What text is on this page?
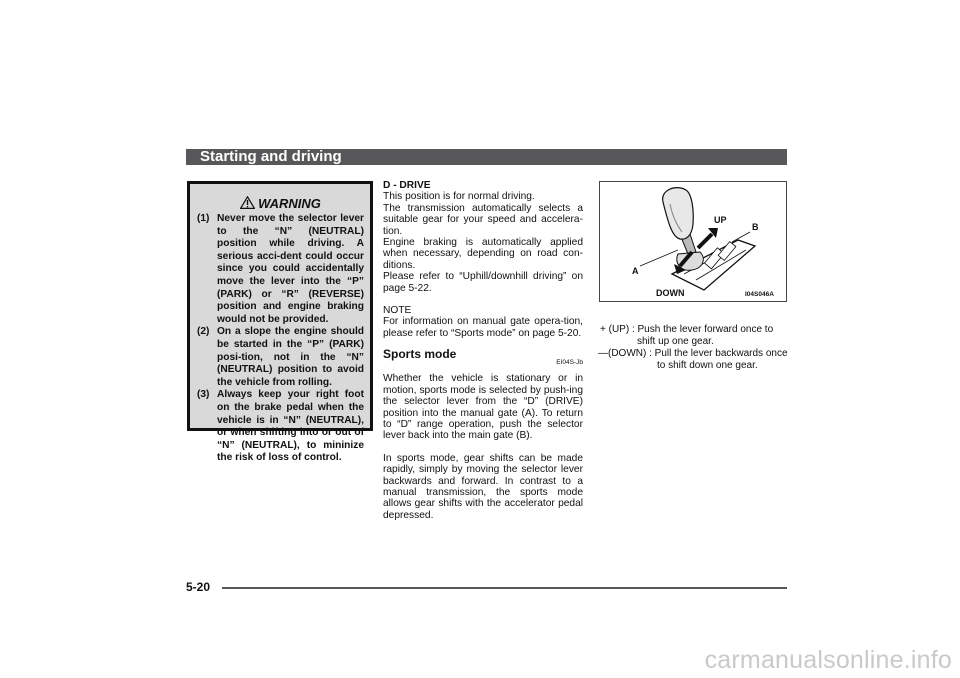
Starting and driving
WARNING
(1) Never move the selector lever to the “N” (NEUTRAL) position while driving. A serious acci-dent could occur since you could accidentally move the lever into the “P” (PARK) or “R” (REVERSE) position and engine braking would not be provided.
(2) On a slope the engine should be started in the “P” (PARK) posi-tion, not in the “N” (NEUTRAL) position to avoid the vehicle from rolling.
(3) Always keep your right foot on the brake pedal when the vehicle is in “N” (NEUTRAL), or when shifting into or out of “N” (NEUTRAL), to mininize the risk of loss of control.

D - DRIVE

This position is for normal driving.

The transmission automatically selects a suitable gear for your speed and accelera-tion.

Engine braking is automatically applied when necessary, depending on road con-ditions.

Please refer to “Uphill/downhill driving” on page 5-22.

NOTE

For information on manual gate opera-tion, please refer to “Sports mode” on page 5-20.

Sports mode
EI04S-Jb

Whether the vehicle is stationary or in motion, sports mode is selected by push-ing the selector lever from the “D” (DRIVE) position into the manual gate (A). To return to “D” range operation, push the selector lever back into the main gate (B).

In sports mode, gear shifts can be made rapidly, simply by moving the selector lever backwards and forward. In contrast to a manual transmission, the sports mode allows gear shifts with the accelerator pedal depressed.

UP
B
A
DOWN	I04S046A
+ (UP) : Push the lever forward once to shift up one gear.
—(DOWN) : Pull the lever backwards once to shift down one gear.
5-20
carmanualsonline.info
